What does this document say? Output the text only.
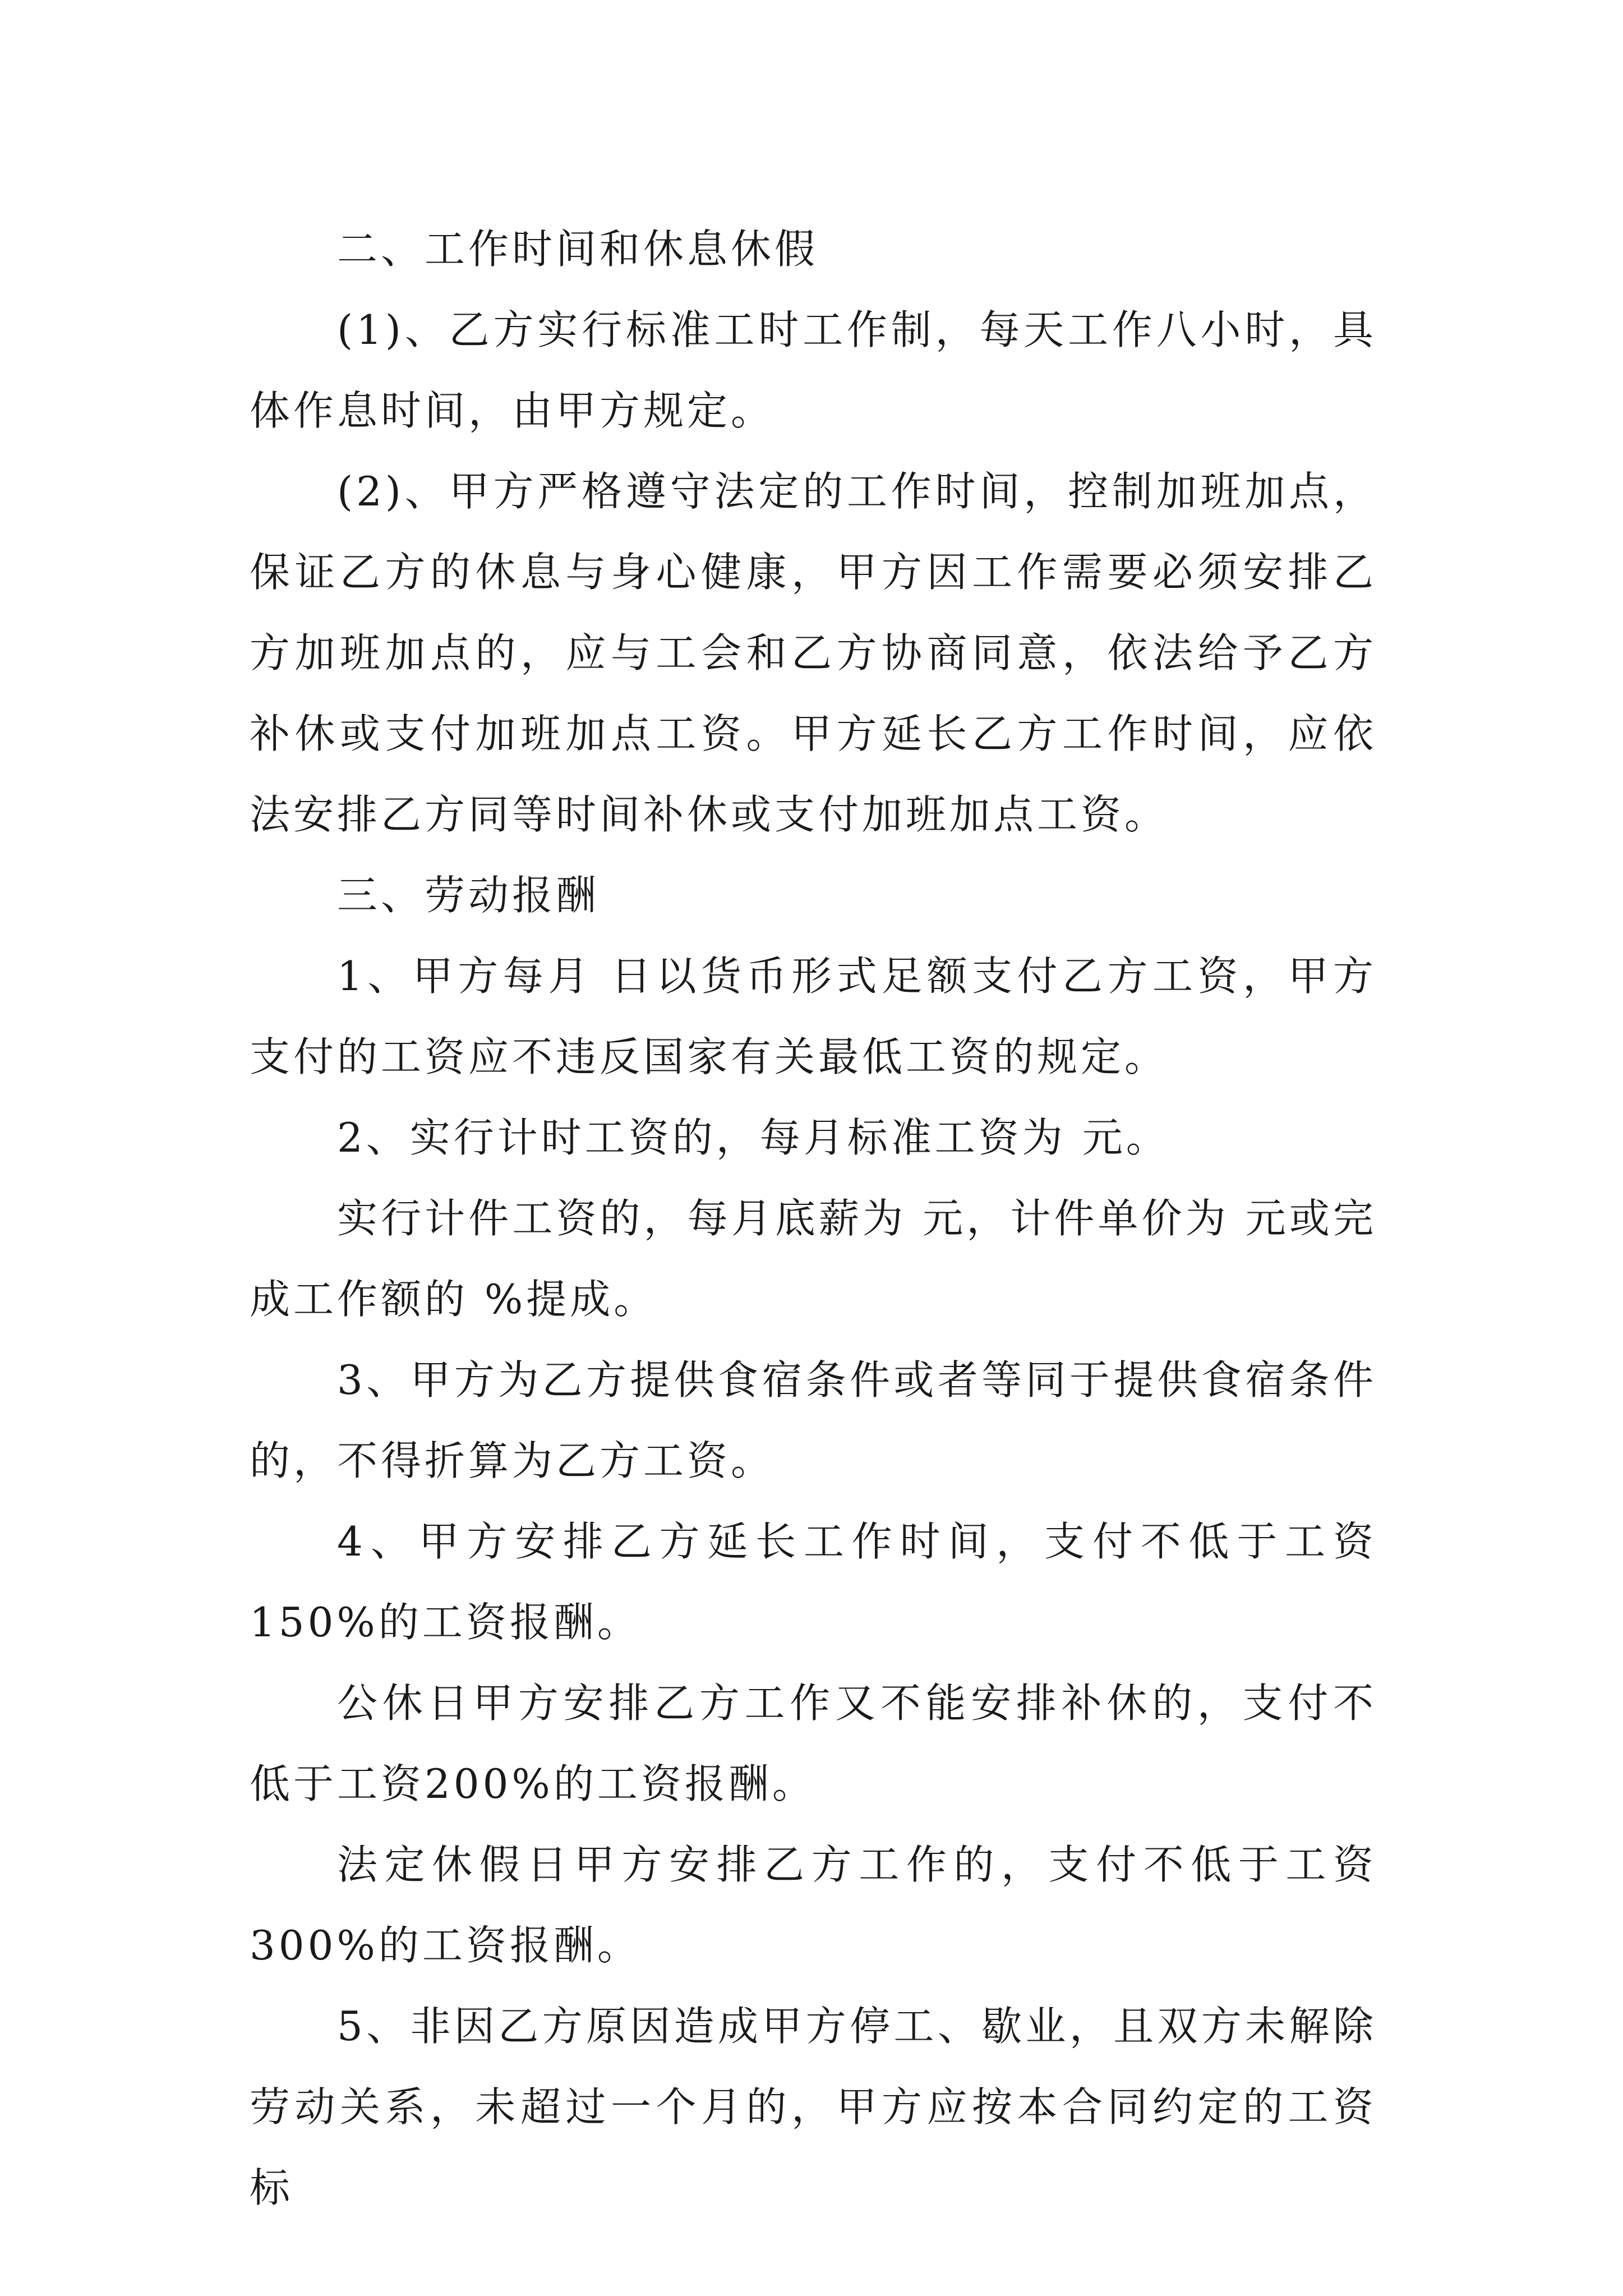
二、工作时间和休息休假

(1)、乙方实行标准工时工作制，每天工作八小时，具体作息时间，由甲方规定。

(2)、甲方严格遵守法定的工作时间，控制加班加点，保证乙方的休息与身心健康，甲方因工作需要必须安排乙方加班加点的，应与工会和乙方协商同意，依法给予乙方补休或支付加班加点工资。甲方延长乙方工作时间，应依法安排乙方同等时间补休或支付加班加点工资。

三、劳动报酬

1、甲方每月 日以货币形式足额支付乙方工资，甲方支付的工资应不违反国家有关最低工资的规定。

2、实行计时工资的，每月标准工资为 元。

实行计件工资的，每月底薪为 元，计件单价为 元或完成工作额的 %提成。

3、甲方为乙方提供食宿条件或者等同于提供食宿条件的，不得折算为乙方工资。

4、甲方安排乙方延长工作时间，支付不低于工资150%的工资报酬。

公休日甲方安排乙方工作又不能安排补休的，支付不低于工资200%的工资报酬。

法定休假日甲方安排乙方工作的，支付不低于工资300%的工资报酬。

5、非因乙方原因造成甲方停工、歇业，且双方未解除劳动关系，未超过一个月的，甲方应按本合同约定的工资标
